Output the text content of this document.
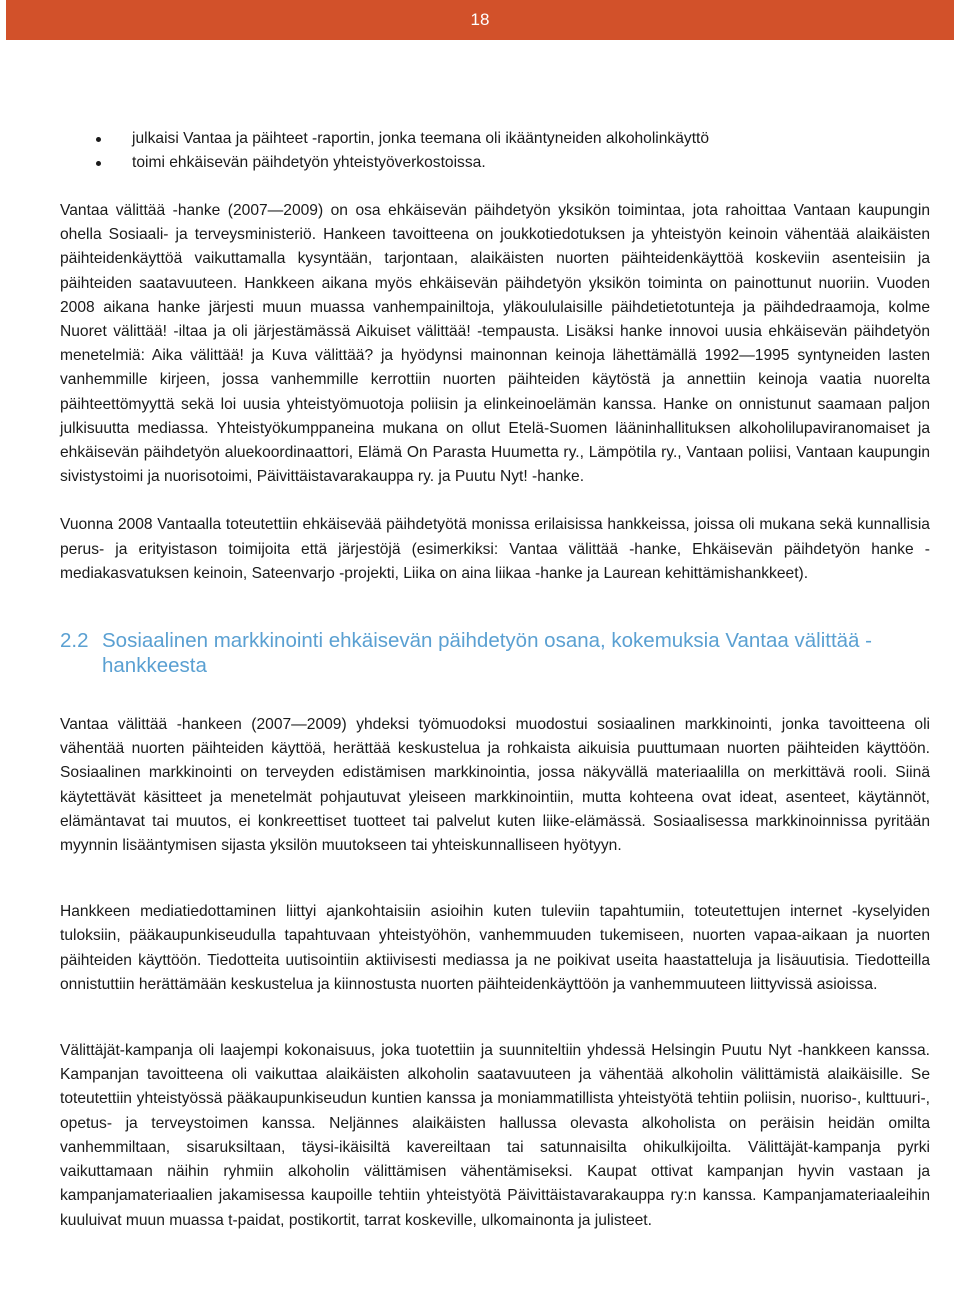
18
julkaisi Vantaa ja päihteet -raportin, jonka teemana oli ikääntyneiden alkoholinkäyttö
toimi ehkäisevän päihdetyön yhteistyöverkostoissa.

Vantaa välittää -hanke (2007—2009) on osa ehkäisevän päihdetyön yksikön toimintaa, jota rahoittaa Vantaan kaupungin ohella Sosiaali- ja terveysministeriö. Hankeen tavoitteena on joukkotiedotuksen ja yhteistyön keinoin vähentää alaikäisten päihteidenkäyttöä vaikuttamalla kysyntään, tarjontaan, alaikäisten nuorten päihteidenkäyttöä koskeviin asenteisiin ja päihteiden saatavuuteen. Hankkeen aikana myös ehkäisevän päihdetyön yksikön toiminta on painottunut nuoriin. Vuoden 2008 aikana hanke järjesti muun muassa vanhempainiltoja, yläkoululaisille päihdetietotunteja ja päihdedraamoja, kolme Nuoret välittää! -iltaa ja oli järjestämässä Aikuiset välittää! -tempausta. Lisäksi hanke innovoi uusia ehkäisevän päihdetyön menetelmiä: Aika välittää! ja Kuva välittää? ja hyödynsi mainonnan keinoja lähettämällä 1992—1995 syntyneiden lasten vanhemmille kirjeen, jossa vanhemmille kerrottiin nuorten päihteiden käytöstä ja annettiin keinoja vaatia nuorelta päihteettömyyttä sekä loi uusia yhteistyömuotoja poliisin ja elinkeinoelämän kanssa. Hanke on onnistunut saamaan paljon julkisuutta mediassa. Yhteistyökumppaneina mukana on ollut Etelä-Suomen lääninhallituksen alkoholilupaviranomaiset ja ehkäisevän päihdetyön aluekoordinaattori, Elämä On Parasta Huumetta ry., Lämpötila ry., Vantaan poliisi, Vantaan kaupungin sivistystoimi ja nuorisotoimi, Päivittäistavarakauppa ry. ja Puutu Nyt! -hanke.

Vuonna 2008 Vantaalla toteutettiin ehkäisevää päihdetyötä monissa erilaisissa hankkeissa, joissa oli mukana sekä kunnallisia perus- ja erityistason toimijoita että järjestöjä (esimerkiksi: Vantaa välittää -hanke, Ehkäisevän päihdetyön hanke - mediakasvatuksen keinoin, Sateenvarjo -projekti, Liika on aina liikaa -hanke ja Laurean kehittämishankkeet).

2.2 Sosiaalinen markkinointi ehkäisevän päihdetyön osana, kokemuksia Vantaa välittää -hankkeesta

Vantaa välittää -hankeen (2007—2009) yhdeksi työmuodoksi muodostui sosiaalinen markkinointi, jonka tavoitteena oli vähentää nuorten päihteiden käyttöä, herättää keskustelua ja rohkaista aikuisia puuttumaan nuorten päihteiden käyttöön. Sosiaalinen markkinointi on terveyden edistämisen markkinointia, jossa näkyvällä materiaalilla on merkittävä rooli. Siinä käytettävät käsitteet ja menetelmät pohjautuvat yleiseen markkinointiin, mutta kohteena ovat ideat, asenteet, käytännöt, elämäntavat tai muutos, ei konkreettiset tuotteet tai palvelut kuten liike-elämässä. Sosiaalisessa markkinoinnissa pyritään myynnin lisääntymisen sijasta yksilön muutokseen tai yhteiskunnalliseen hyötyyn.

Hankkeen mediatiedottaminen liittyi ajankohtaisiin asioihin kuten tuleviin tapahtumiin, toteutettujen internet -kyselyiden tuloksiin, pääkaupunkiseudulla tapahtuvaan yhteistyöhön, vanhemmuuden tukemiseen, nuorten vapaa-aikaan ja nuorten päihteiden käyttöön. Tiedotteita uutisointiin aktiivisesti mediassa ja ne poikivat useita haastatteluja ja lisäuutisia. Tiedotteilla onnistuttiin herättämään keskustelua ja kiinnostusta nuorten päihteidenkäyttöön ja vanhemmuuteen liittyvissä asioissa.

Välittäjät-kampanja oli laajempi kokonaisuus, joka tuotettiin ja suunniteltiin yhdessä Helsingin Puutu Nyt -hankkeen kanssa. Kampanjan tavoitteena oli vaikuttaa alaikäisten alkoholin saatavuuteen ja vähentää alkoholin välittämistä alaikäisille. Se toteutettiin yhteistyössä pääkaupunkiseudun kuntien kanssa ja moniammatillista yhteistyötä tehtiin poliisin, nuoriso-, kulttuuri-, opetus- ja terveystoimen kanssa. Neljännes alaikäisten hallussa olevasta alkoholista on peräisin heidän omilta vanhemmiltaan, sisaruksiltaan, täysi-ikäisiltä kavereiltaan tai satunnaisilta ohikulkijoilta. Välittäjät-kampanja pyrki vaikuttamaan näihin ryhmiin alkoholin välittämisen vähentämiseksi. Kaupat ottivat kampanjan hyvin vastaan ja kampanjamateriaalien jakamisessa kaupoille tehtiin yhteistyötä Päivittäistavarakauppa ry:n kanssa. Kampanjamateriaaleihin kuuluivat muun muassa t-paidat, postikortit, tarrat koskeville, ulkomainonta ja julisteet.
